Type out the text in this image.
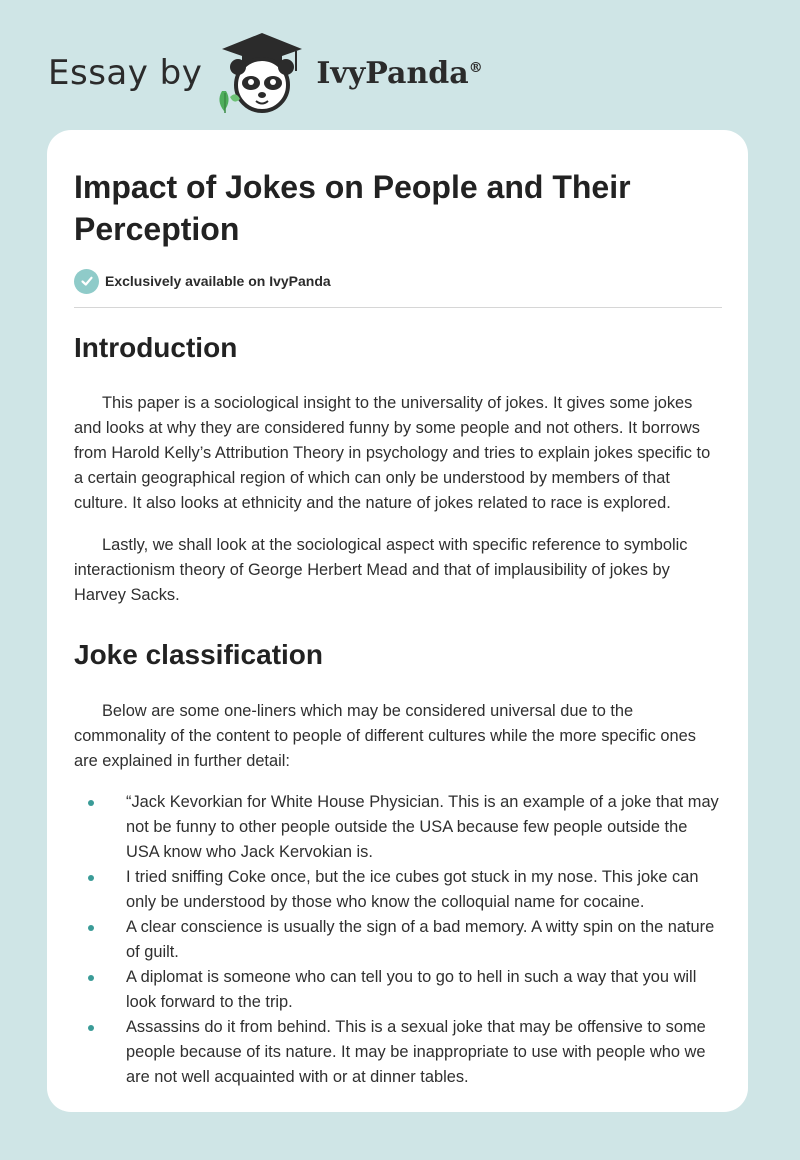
Essay by	IvyPanda®
Impact of Jokes on People and Their Perception
Exclusively available on IvyPanda
Introduction

This paper is a sociological insight to the universality of jokes. It gives some jokes and looks at why they are considered funny by some people and not others. It borrows from Harold Kelly’s Attribution Theory in psychology and tries to explain jokes specific to a certain geographical region of which can only be understood by members of that culture. It also looks at ethnicity and the nature of jokes related to race is explored.

Lastly, we shall look at the sociological aspect with specific reference to symbolic interactionism theory of George Herbert Mead and that of implausibility of jokes by Harvey Sacks.

Joke classification

Below are some one-liners which may be considered universal due to the commonality of the content to people of different cultures while the more specific ones are explained in further detail:

“Jack Kevorkian for White House Physician. This is an example of a joke that may not be funny to other people outside the USA because few people outside the USA know who Jack Kervokian is.
I tried sniffing Coke once, but the ice cubes got stuck in my nose. This joke can only be understood by those who know the colloquial name for cocaine.
A clear conscience is usually the sign of a bad memory. A witty spin on the nature of guilt.
A diplomat is someone who can tell you to go to hell in such a way that you will look forward to the trip.
Assassins do it from behind. This is a sexual joke that may be offensive to some people because of its nature. It may be inappropriate to use with people who we are not well acquainted with or at dinner tables.
